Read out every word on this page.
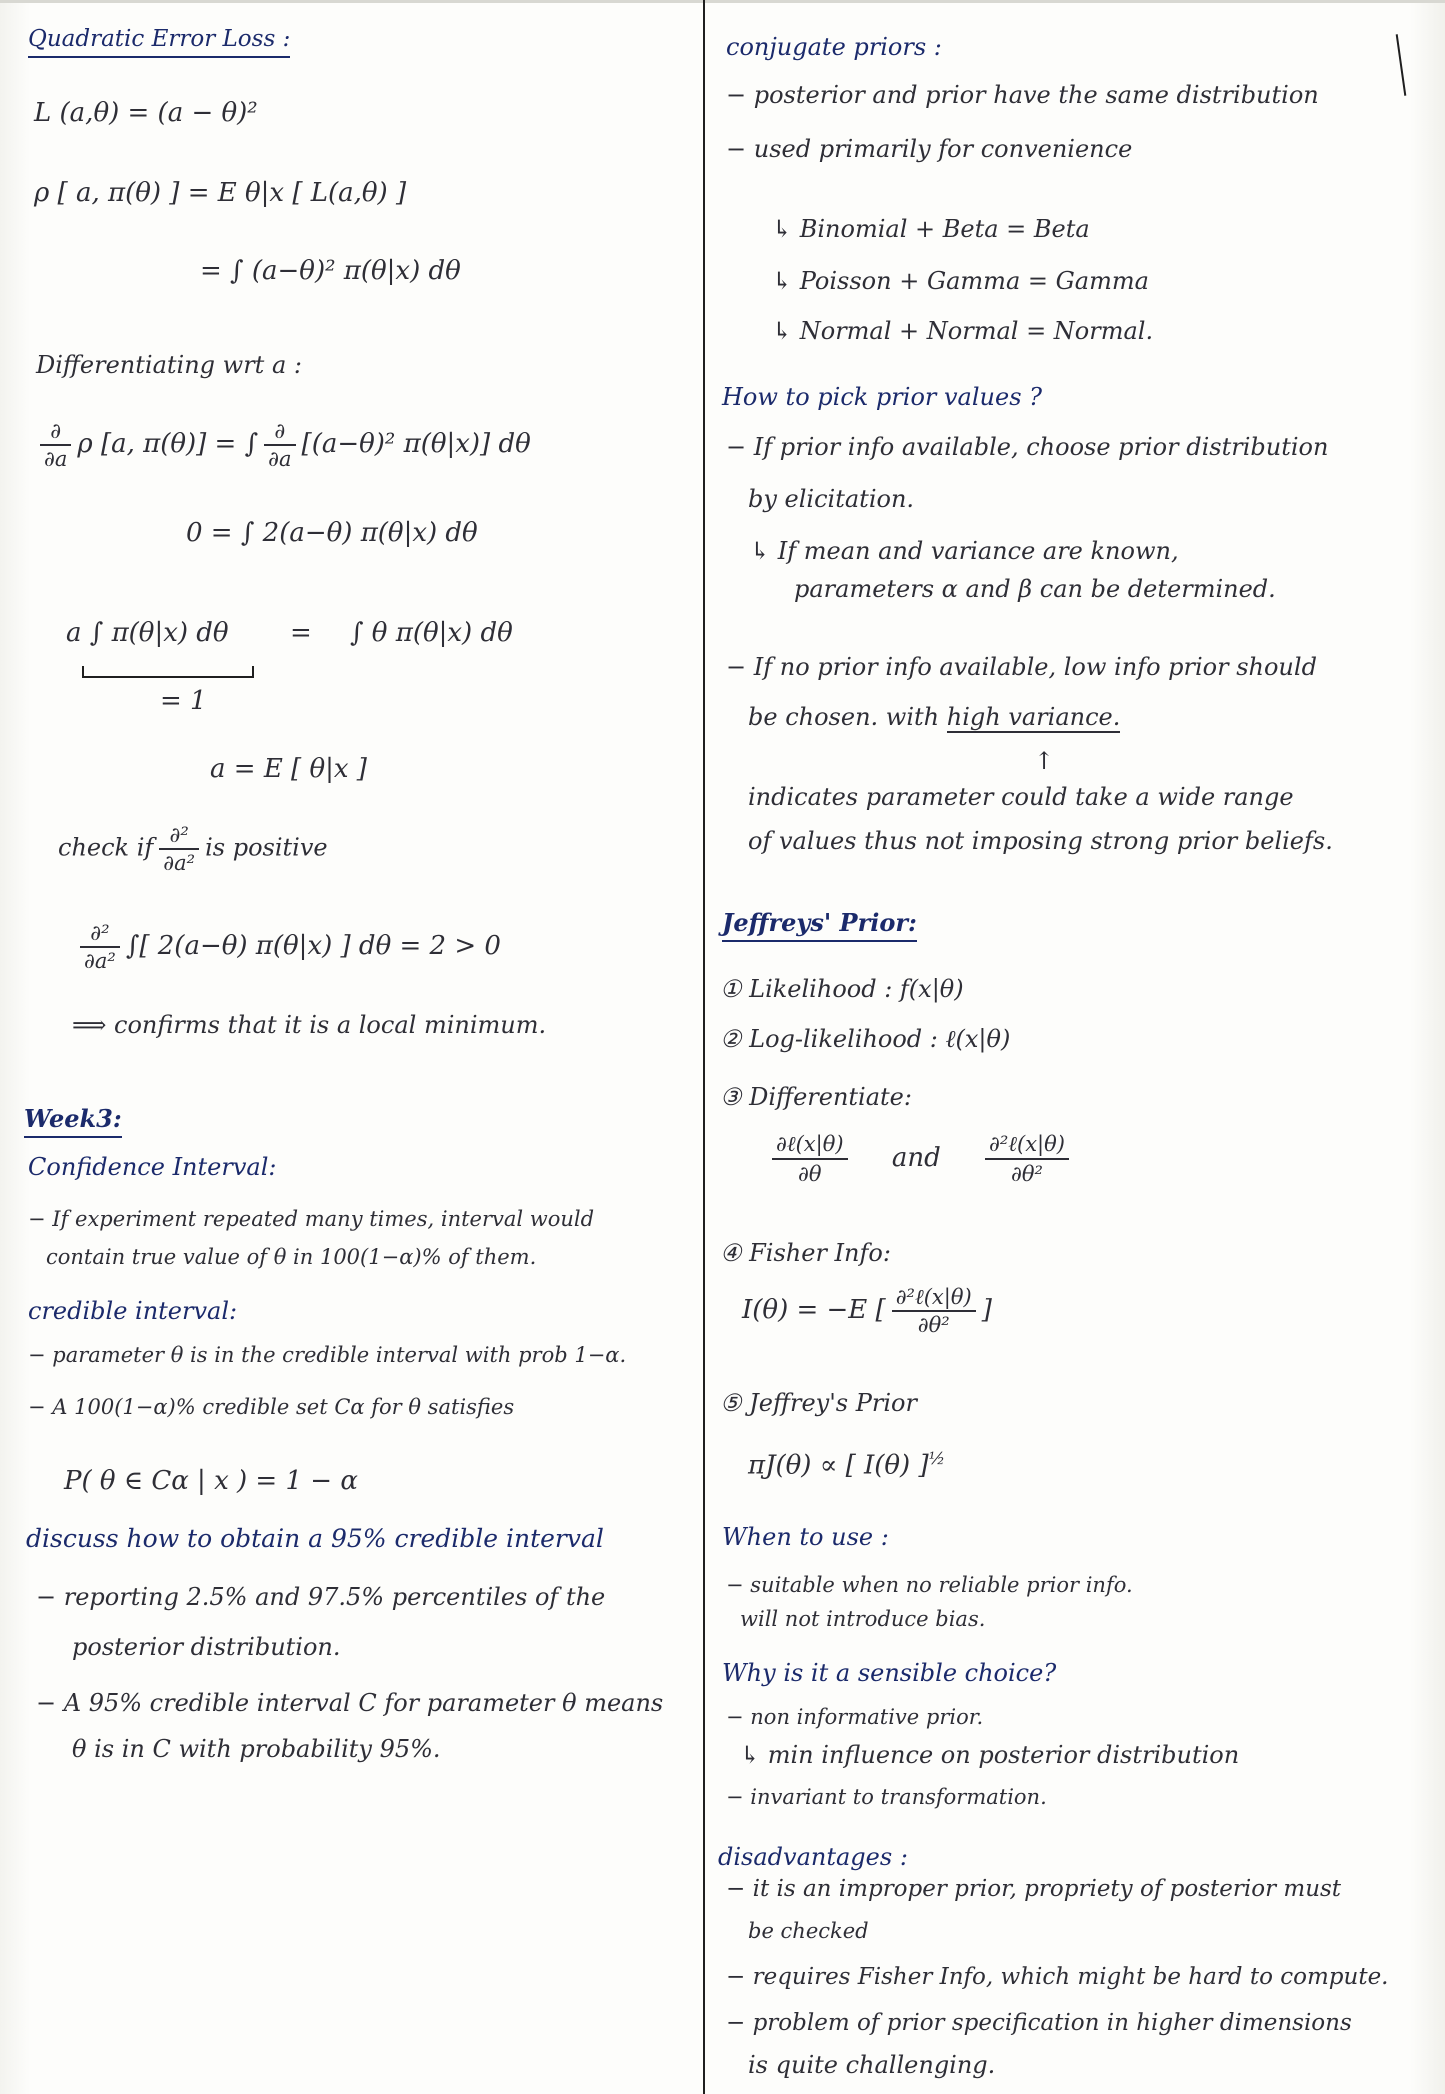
Quadratic Error Loss :
L (a,θ) = (a − θ)²
ρ [ a, π(θ) ] = E θ|x [ L(a,θ) ]
= ∫ (a−θ)² π(θ|x) dθ
Differentiating wrt a :
$\frac{\partial}{\partial a}$ ρ [a, π(θ)] = ∫ $\frac{\partial}{\partial a} [(a-\theta)^2$ π(θ|x)] dθ
0 = ∫ 2(a−θ) π(θ|x) dθ
a ∫ π(θ|x) dθ = ∫ θ π(θ|x) dθ
= 1
a = E [ θ|x ]
check if $\frac{\text{∂²}}{\text{∂a²}}$ is positive
$\frac{\text{∂²}}{\text{∂a²}}$ ∫[ 2(a−θ) π(θ|x) ] dθ = 2 > 0
⟹ confirms that it is a local minimum.
Week3:
Confidence Interval:
− If experiment repeated many times, interval would
contain true value of θ in 100(1−α)% of them.
credible interval:
− parameter θ is in the credible interval with prob 1−α.
− A 100(1−α)% credible set Cα for θ satisfies
P( θ ∈ Cα | x ) = 1 − α
discuss how to obtain a 95% credible interval
− reporting 2.5% and 97.5% percentiles of the
posterior distribution.
− A 95% credible interval C for parameter θ means
θ is in C with probability 95%.
conjugate priors :
− posterior and prior have the same distribution
− used primarily for convenience
↳ Binomial + Beta = Beta
↳ Poisson + Gamma = Gamma
↳ Normal + Normal = Normal.
How to pick prior values ?
− If prior info available, choose prior distribution
by elicitation.
↳ If mean and variance are known,
parameters α and β can be determined.
− If no prior info available, low info prior should
be chosen. with high variance.
↑
indicates parameter could take a wide range
of values thus not imposing strong prior beliefs.
Jeffreys' Prior:
① Likelihood : f(x|θ)
② Log-likelihood : ℓ(x|θ)
③ Differentiate:
$\frac{\text{∂ℓ(x|θ)}}{\partial\theta}$ and $\frac{\text{∂²ℓ(x|θ)}}{\text{∂θ²}}$
④ Fisher Info:
I(θ) = −E [ $\frac{\text{∂²ℓ(x|θ)}}{\text{∂θ²}}$ ]
⑤ Jeffrey's Prior
πJ(θ) ∝ [ I(θ) ]$^{\frac{1}{2}}$
When to use :
− suitable when no reliable prior info.
will not introduce bias.
Why is it a sensible choice?
− non informative prior.
↳ min influence on posterior distribution
− invariant to transformation.
disadvantages :
− it is an improper prior, propriety of posterior must
be checked
− requires Fisher Info, which might be hard to compute.
− problem of prior specification in higher dimensions
is quite challenging.
